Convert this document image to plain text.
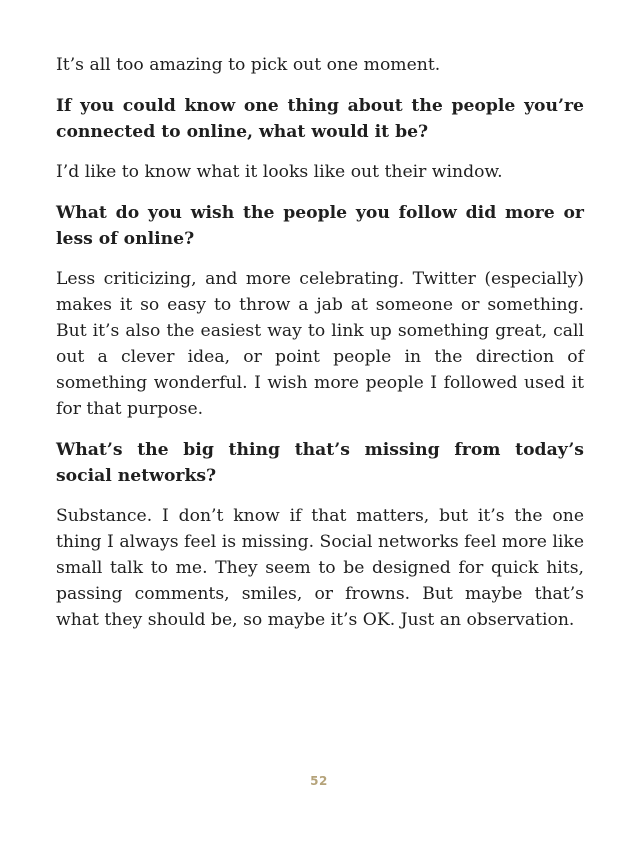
It’s all too amazing to pick out one moment.

If you could know one thing about the people you’re connected to online, what would it be?

I’d like to know what it looks like out their window.

What do you wish the people you follow did more or less of online?

Less criticizing, and more celebrating. Twitter (especially) makes it so easy to throw a jab at someone or something. But it’s also the easiest way to link up something great, call out a clever idea, or point people in the direction of something wonderful. I wish more people I followed used it for that purpose.

What’s the big thing that’s missing from today’s social networks?

Substance. I don’t know if that matters, but it’s the one thing I always feel is missing. Social networks feel more like small talk to me. They seem to be designed for quick hits, passing comments, smiles, or frowns. But maybe that’s what they should be, so maybe it’s OK. Just an observation.

52
